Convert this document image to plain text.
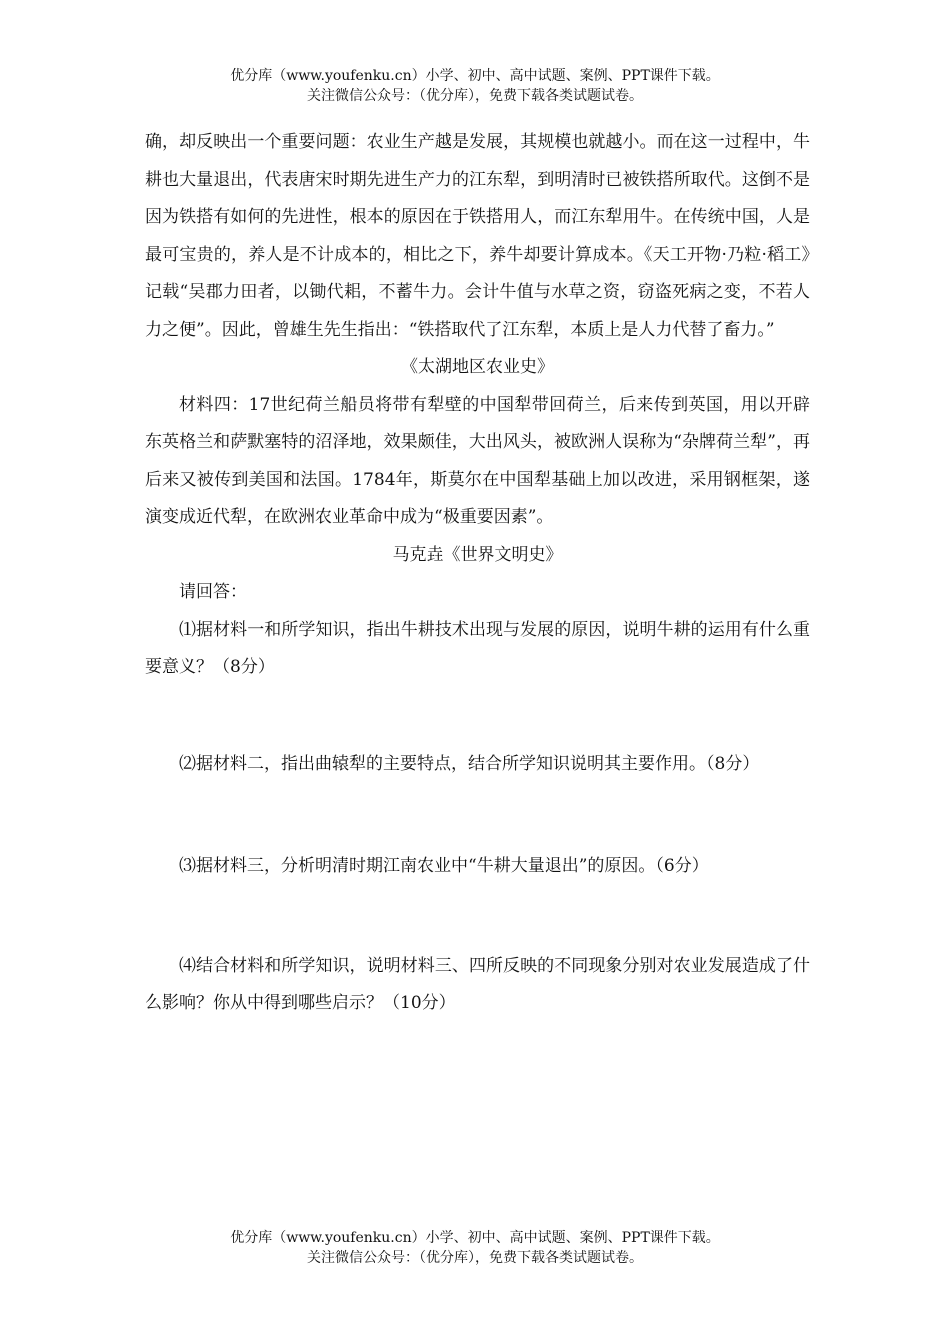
优分库（www.youfenku.cn）小学、初中、高中试题、案例、PPT课件下载。
关注微信公众号：（优分库），免费下载各类试题试卷。

确，却反映出一个重要问题：农业生产越是发展，其规模也就越小。而在这一过程中，牛耕也大量退出，代表唐宋时期先进生产力的江东犁，到明清时已被铁搭所取代。这倒不是因为铁搭有如何的先进性，根本的原因在于铁搭用人，而江东犁用牛。在传统中国，人是最可宝贵的，养人是不计成本的，相比之下，养牛却要计算成本。《天工开物·乃粒·稻工》记载“吴郡力田者，以锄代耜，不蓄牛力。会计牛值与水草之资，窃盗死病之变，不若人力之便”。因此，曾雄生先生指出：“铁搭取代了江东犁，本质上是人力代替了畜力。”

《太湖地区农业史》

材料四：17世纪荷兰船员将带有犁壁的中国犁带回荷兰，后来传到英国，用以开辟东英格兰和萨默塞特的沼泽地，效果颇佳，大出风头，被欧洲人误称为“杂牌荷兰犁”，再后来又被传到美国和法国。1784年，斯莫尔在中国犁基础上加以改进，采用钢框架，遂演变成近代犁，在欧洲农业革命中成为“极重要因素”。

马克垚《世界文明史》

请回答：

⑴据材料一和所学知识，指出牛耕技术出现与发展的原因，说明牛耕的运用有什么重要意义？（8分）

⑵据材料二，指出曲辕犁的主要特点，结合所学知识说明其主要作用。（8分）

⑶据材料三，分析明清时期江南农业中“牛耕大量退出”的原因。（6分）

⑷结合材料和所学知识，说明材料三、四所反映的不同现象分别对农业发展造成了什么影响？你从中得到哪些启示？（10分）

优分库（www.youfenku.cn）小学、初中、高中试题、案例、PPT课件下载。
关注微信公众号：（优分库），免费下载各类试题试卷。
